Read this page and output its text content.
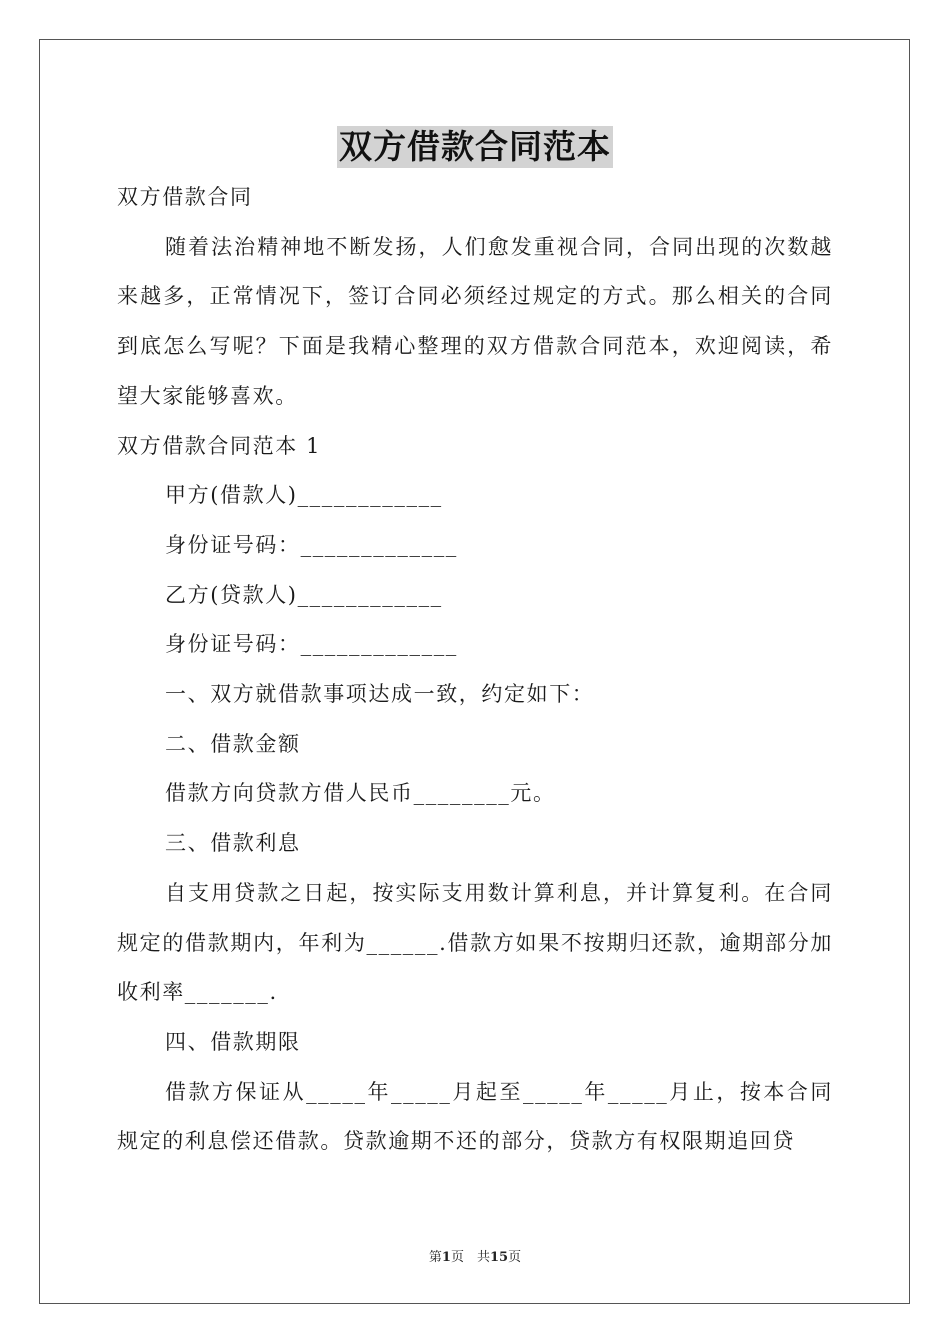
双方借款合同范本

双方借款合同

随着法治精神地不断发扬，人们愈发重视合同，合同出现的次数越来越多，正常情况下，签订合同必须经过规定的方式。那么相关的合同到底怎么写呢？下面是我精心整理的双方借款合同范本，欢迎阅读，希望大家能够喜欢。

双方借款合同范本 1

甲方(借款人)____________

身份证号码：_____________

乙方(贷款人)____________

身份证号码：_____________

一、双方就借款事项达成一致，约定如下：

二、借款金额

借款方向贷款方借人民币________元。

三、借款利息

自支用贷款之日起，按实际支用数计算利息，并计算复利。在合同规定的借款期内，年利为______.借款方如果不按期归还款，逾期部分加收利率_______.

四、借款期限

借款方保证从_____年_____月起至_____年_____月止，按本合同规定的利息偿还借款。贷款逾期不还的部分，贷款方有权限期追回贷

第1页　共15页
